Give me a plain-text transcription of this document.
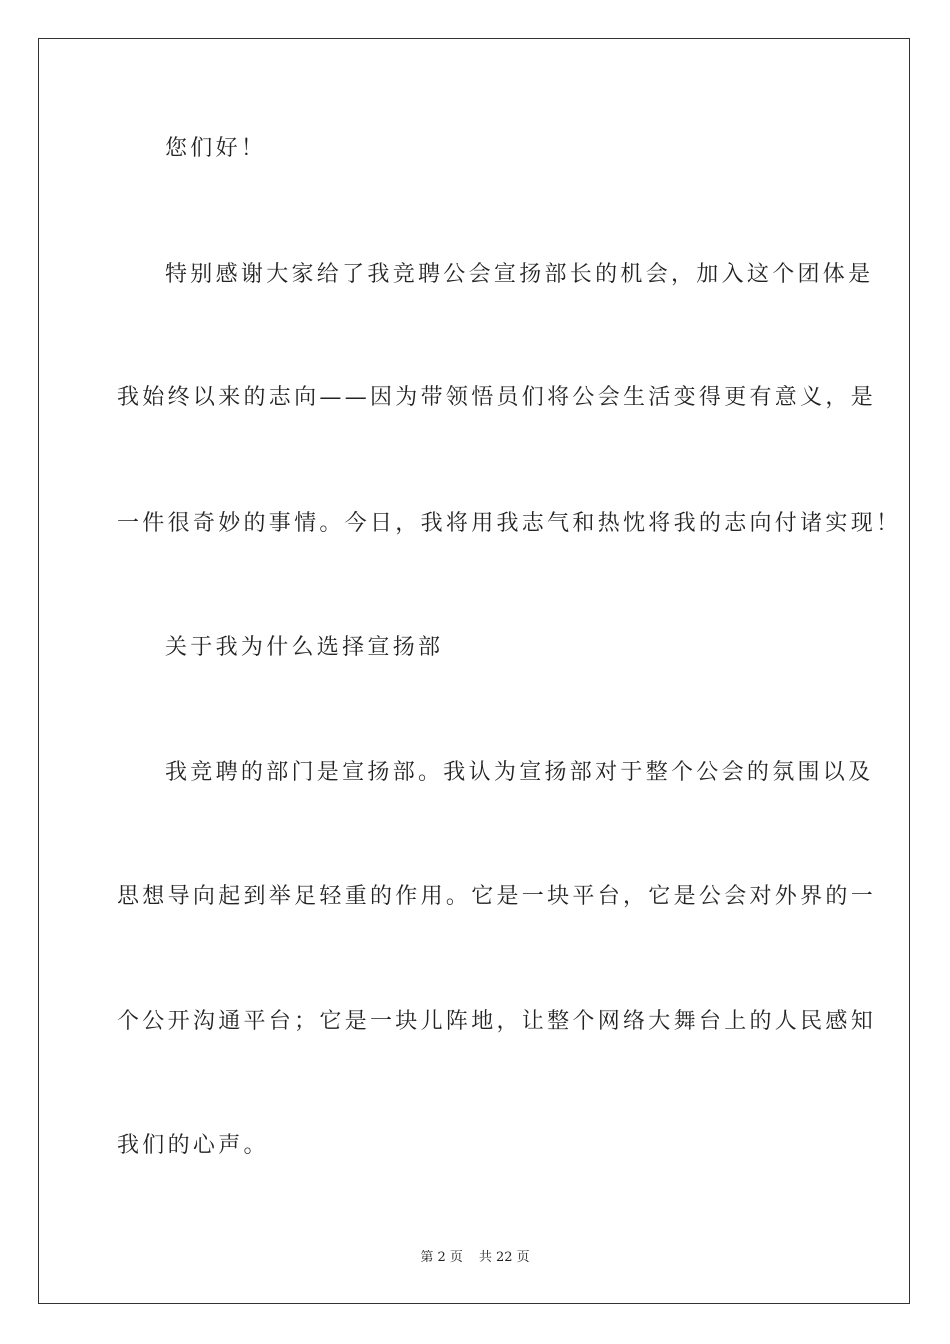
您们好！
特别感谢大家给了我竞聘公会宣扬部长的机会，加入这个团体是
我始终以来的志向——因为带领悟员们将公会生活变得更有意义，是
一件很奇妙的事情。今日，我将用我志气和热忱将我的志向付诸实现！
关于我为什么选择宣扬部
我竞聘的部门是宣扬部。我认为宣扬部对于整个公会的氛围以及
思想导向起到举足轻重的作用。它是一块平台，它是公会对外界的一
个公开沟通平台；它是一块儿阵地，让整个网络大舞台上的人民感知
我们的心声。
第 2 页 共 22 页
